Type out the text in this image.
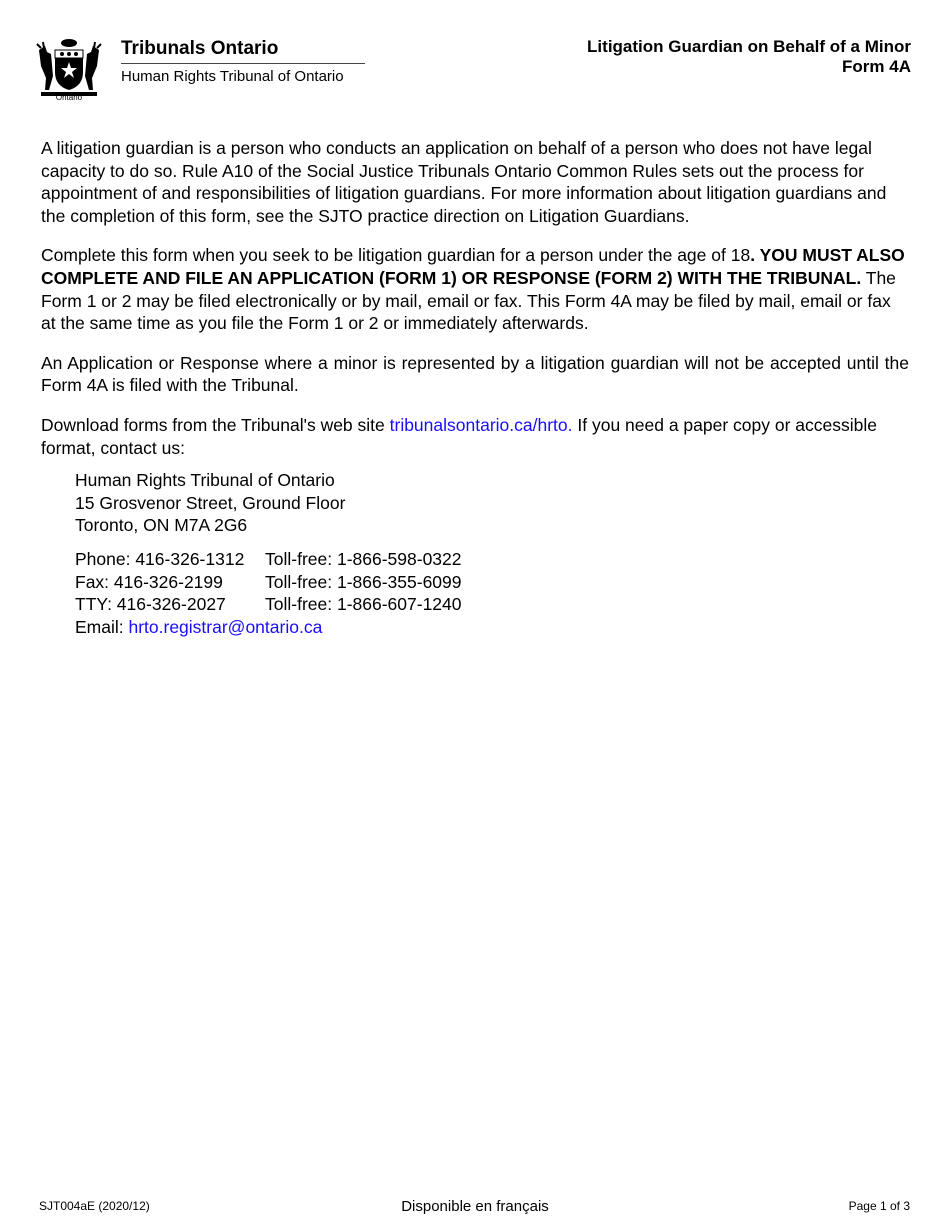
Ontario
Tribunals Ontario
Human Rights Tribunal of Ontario
Litigation Guardian on Behalf of a Minor
Form 4A

A litigation guardian is a person who conducts an application on behalf of a person who does not have legal capacity to do so. Rule A10 of the Social Justice Tribunals Ontario Common Rules sets out the process for appointment of and responsibilities of litigation guardians. For more information about litigation guardians and the completion of this form, see the SJTO practice direction on Litigation Guardians.

Complete this form when you seek to be litigation guardian for a person under the age of 18. YOU MUST ALSO COMPLETE AND FILE AN APPLICATION (FORM 1) OR RESPONSE (FORM 2) WITH THE TRIBUNAL. The Form 1 or 2 may be filed electronically or by mail, email or fax. This Form 4A may be filed by mail, email or fax at the same time as you file the Form 1 or 2 or immediately afterwards.

An Application or Response where a minor is represented by a litigation guardian will not be accepted until the Form 4A is filed with the Tribunal.

Download forms from the Tribunal's web site tribunalsontario.ca/hrto. If you need a paper copy or accessible format, contact us:

Human Rights Tribunal of Ontario
15 Grosvenor Street, Ground Floor
Toronto, ON M7A 2G6
Phone: 416-326-1312	Toll-free: 1-866-598-0322
Fax: 416-326-2199	Toll-free: 1-866-355-6099
TTY: 416-326-2027	Toll-free: 1-866-607-1240
Email: hrto.registrar@ontario.ca
SJT004aE (2020/12)	Disponible en français	Page 1 of 3
